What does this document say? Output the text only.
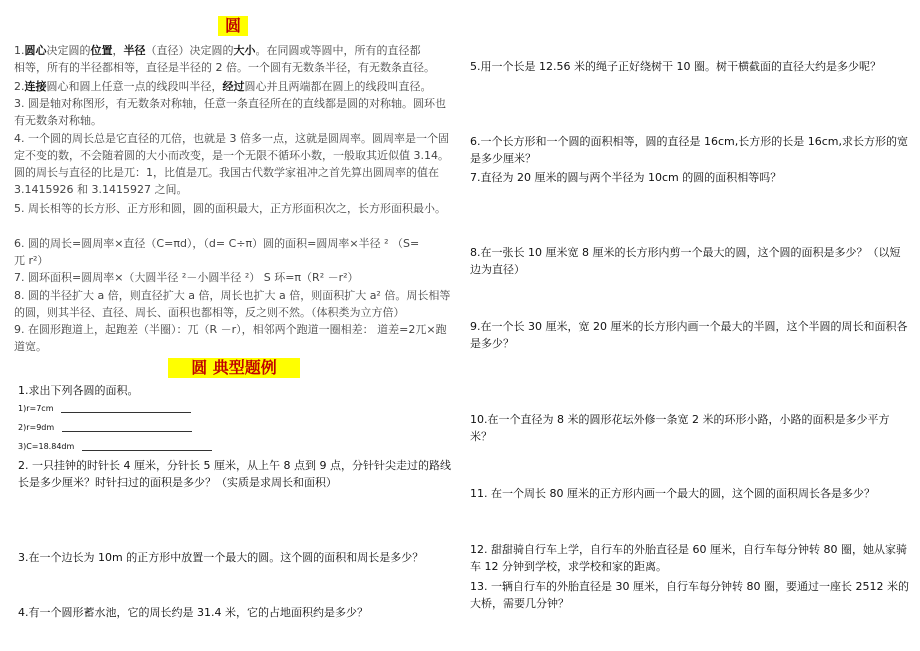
圆
1.圆心决定圆的位置，半径（直径）决定圆的大小。在同圆或等圆中，所有的直径都
相等，所有的半径都相等，直径是半径的 2 倍。一个圆有无数条半径，有无数条直径。
2.连接圆心和圆上任意一点的线段叫半径，经过圆心并且两端都在圆上的线段叫直径。
3. 圆是轴对称图形，有无数条对称轴，任意一条直径所在的直线都是圆的对称轴。圆环也有无数条对称轴。
4. 一个圆的周长总是它直径的兀倍，也就是 3 倍多一点，这就是圆周率。圆周率是一个固定不变的数，不会随着圆的大小而改变，是一个无限不循环小数，一般取其近似值 3.14。圆的周长与直径的比是兀：1，比值是兀。我国古代数学家祖冲之首先算出圆周率的值在 3.1415926 和 3.1415927 之间。
5. 周长相等的长方形、正方形和圆，圆的面积最大，正方形面积次之，长方形面积最小。
6. 圆的周长=圆周率×直径（C=πd），（d= C÷π）圆的面积=圆周率×半径 ² （S=
兀 r²）
7. 圆环面积=圆周率×（大圆半径 ²－小圆半径 ²） S 环=π（R² －r²）
8. 圆的半径扩大 a 倍，则直径扩大 a 倍，周长也扩大 a 倍，则面积扩大 a² 倍。周长相等的圆，则其半径、直径、周长、面积也都相等，反之则不然。（体积类为立方倍）
9. 在圆形跑道上，起跑差（半圈）：兀（R －r），相邻两个跑道一圈相差： 道差=2兀×跑道宽。
圆 典型题例
1.求出下列各圆的面积。
1)r=7cm
2)r=9dm
3)C=18.84dm
2. 一只挂钟的时针长 4 厘米，分针长 5 厘米，从上午 8 点到 9 点，分针针尖走过的路线长是多少厘米？时针扫过的面积是多少？（实质是求周长和面积）
3.在一个边长为 10m 的正方形中放置一个最大的圆。这个圆的面积和周长是多少？
4.有一个圆形蓄水池，它的周长约是 31.4 米，它的占地面积约是多少？
5.用一个长是 12.56 米的绳子正好绕树干 10 圈。树干横截面的直径大约是多少呢？
6.一个长方形和一个圆的面积相等，圆的直径是 16cm,长方形的长是 16cm,求长方形的宽是多少厘米？
7.直径为 20 厘米的圆与两个半径为 10cm 的圆的面积相等吗？
8.在一张长 10 厘米宽 8 厘米的长方形内剪一个最大的圆，这个圆的面积是多少？（以短边为直径）
9.在一个长 30 厘米，宽 20 厘米的长方形内画一个最大的半圆，这个半圆的周长和面积各是多少？
10.在一个直径为 8 米的圆形花坛外修一条宽 2 米的环形小路，小路的面积是多少平方米？
11. 在一个周长 80 厘米的正方形内画一个最大的圆，这个圆的面积周长各是多少？
12. 甜甜骑自行车上学，自行车的外胎直径是 60 厘米，自行车每分钟转 80 圈，她从家骑车 12 分钟到学校，求学校和家的距离。
13. 一辆自行车的外胎直径是 30 厘米，自行车每分钟转 80 圈，要通过一座长 2512 米的大桥，需要几分钟？
